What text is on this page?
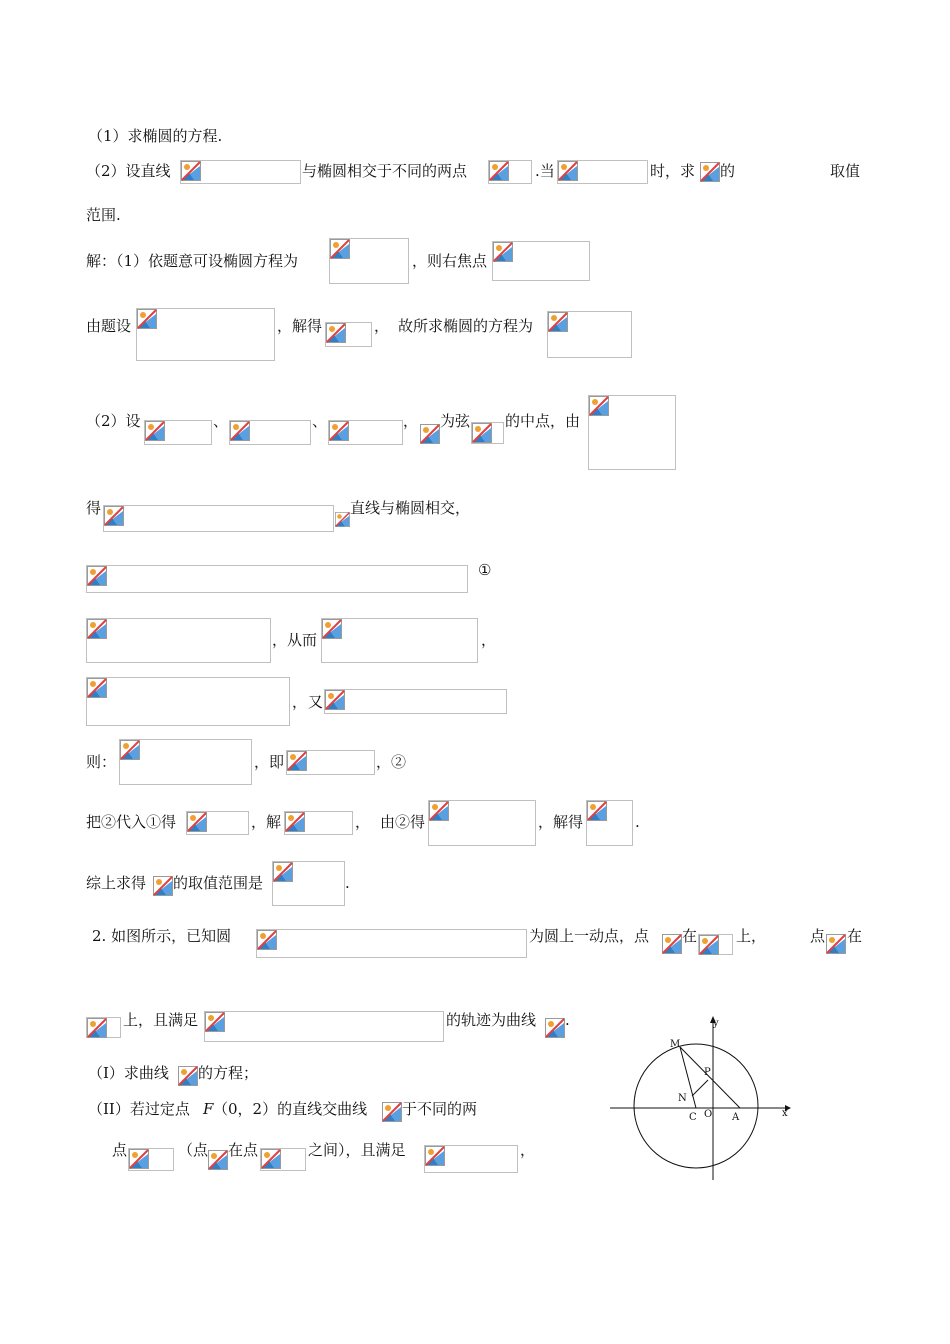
（1）求椭圆的方程.
（2）设直线	与椭圆相交于不同的两点	.当	时，求 的	取值
范围.
解：（1）依题意可设椭圆方程为	，则右焦点
由题设	，解得	， 故所求椭圆的方程为
（2）设	、	、	， 为弦 的中点，由
得	直线与椭圆相交，
①
，从而	，
， 又
则：	，即	，②
把②代入①得	，解	， 由②得	，解得	.
综上求得 的取值范围是	.
2. 如图所示，已知圆	为圆上一动点，点 在	上，	点 在
上，且满足	的轨迹为曲线 .
（I）求曲线 的方程；
（II）若过定点 F （0，2）的直线交曲线 于不同的两
点	（点 在点	之间），且满足	，
y
x
M
P
N
C O A
